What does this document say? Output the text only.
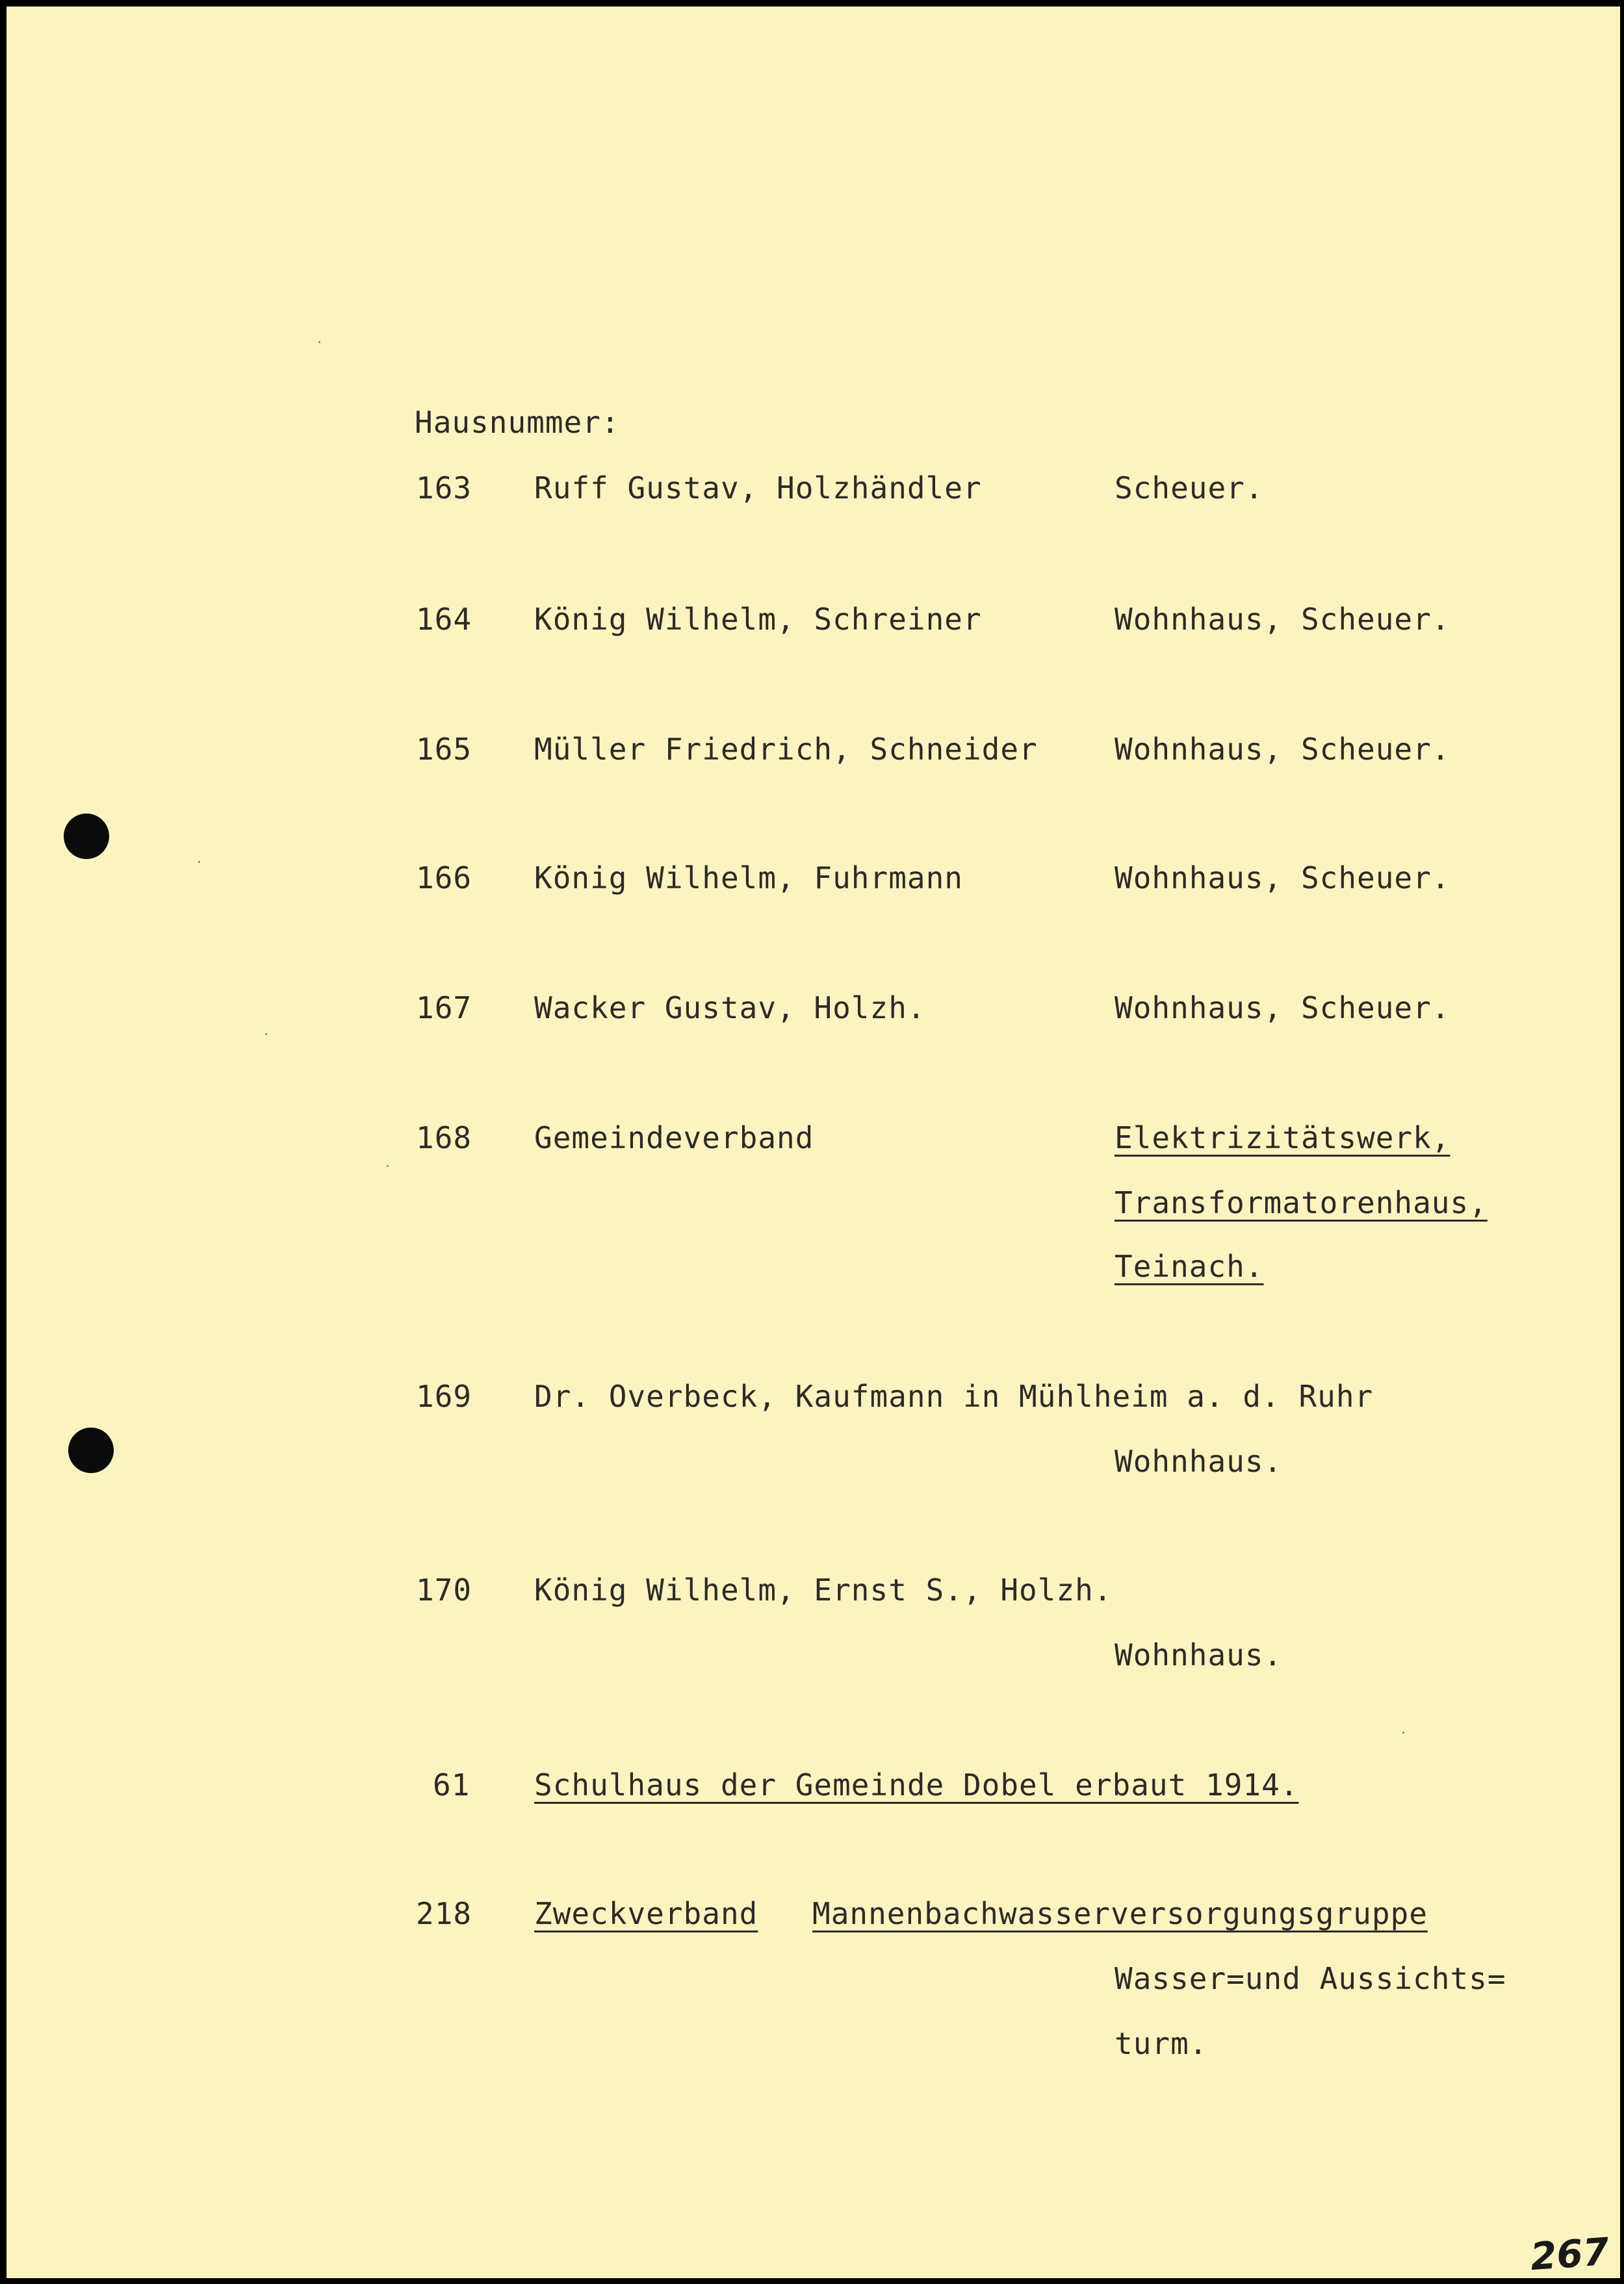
Hausnummer:
163 Ruff Gustav, Holzhändler	Scheuer.
164 König Wilhelm, Schreiner	Wohnhaus, Scheuer.
165 Müller Friedrich, Schneider	Wohnhaus, Scheuer.
166 König Wilhelm, Fuhrmann	Wohnhaus, Scheuer.
167 Wacker Gustav, Holzh.	Wohnhaus, Scheuer.
168 Gemeindeverband	Elektrizitätswerk,
Transformatorenhaus,
Teinach.
169 Dr. Overbeck, Kaufmann in Mühlheim a. d. Ruhr
Wohnhaus.
170 König Wilhelm, Ernst S., Holzh.
Wohnhaus.
61 Schulhaus der Gemeinde Dobel erbaut 1914.
218 Zweckverband Mannenbachwasserversorgungsgruppe
Wasser=und Aussichts=
turm.
267
